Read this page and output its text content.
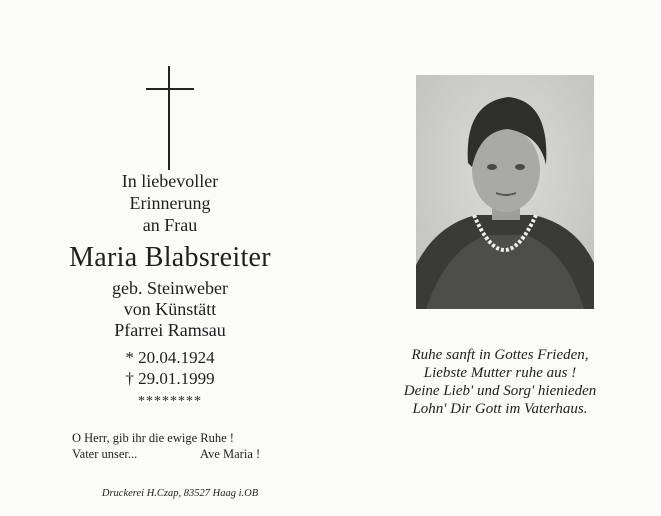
In liebevoller
Erinnerung
an Frau
Maria Blabsreiter
geb. Steinweber
von Künstätt
Pfarrei Ramsau
* 20.04.1924
† 29.01.1999
********
O Herr, gib ihr die ewige Ruhe !
Vater unser...	Ave Maria !
Druckerei H.Czap, 83527 Haag i.OB
Ruhe sanft in Gottes Frieden,
Liebste Mutter ruhe aus !
Deine Lieb' und Sorg' hienieden
Lohn' Dir Gott im Vaterhaus.
